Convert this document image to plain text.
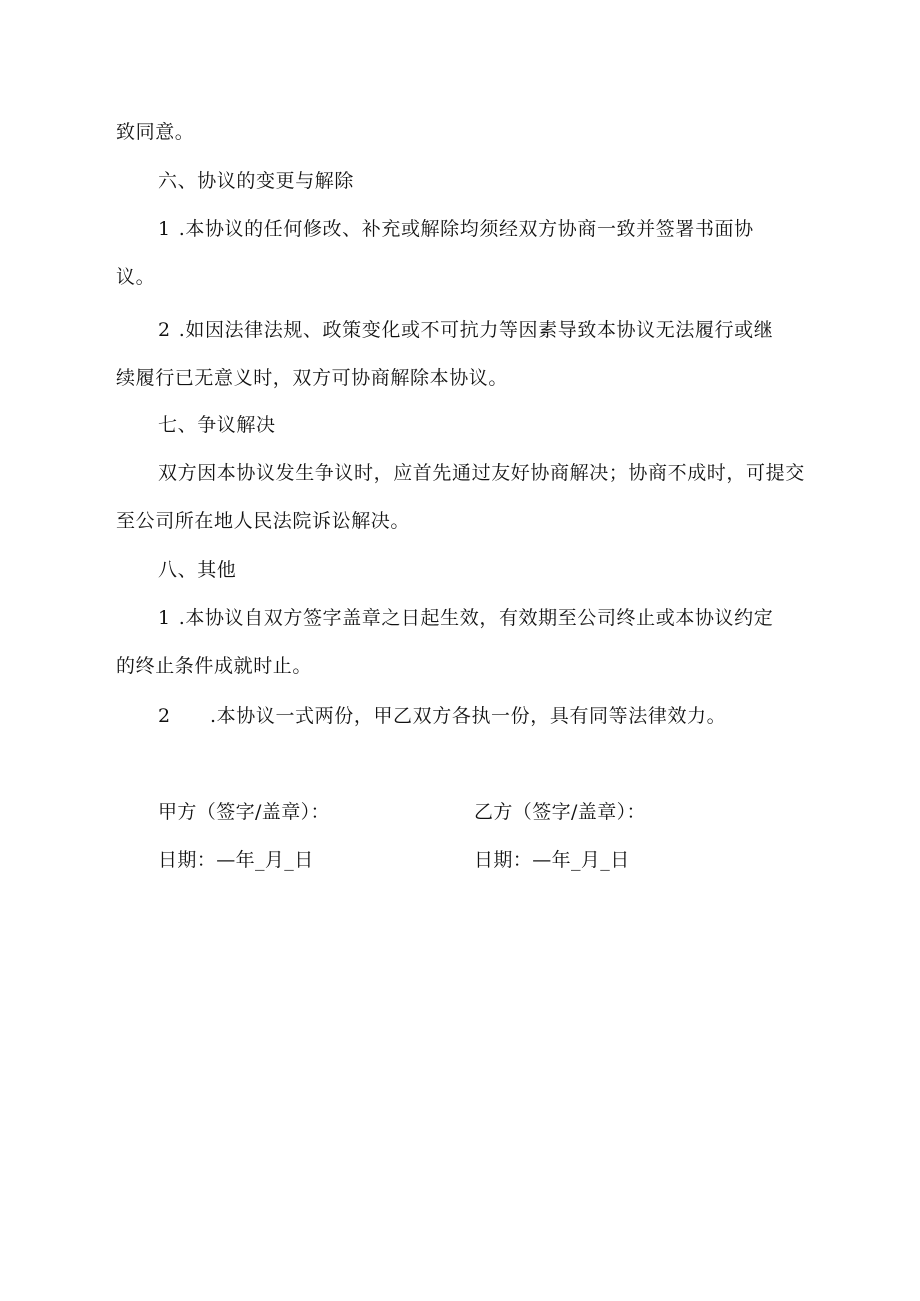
致同意。
六、协议的变更与解除
1 .本协议的任何修改、补充或解除均须经双方协商一致并签署书面协
议。
2 .如因法律法规、政策变化或不可抗力等因素导致本协议无法履行或继
续履行已无意义时，双方可协商解除本协议。
七、争议解决
双方因本协议发生争议时，应首先通过友好协商解决；协商不成时，可提交
至公司所在地人民法院诉讼解决。
八、其他
1 .本协议自双方签字盖章之日起生效，有效期至公司终止或本协议约定
的终止条件成就时止。
2 .本协议一式两份，甲乙双方各执一份，具有同等法律效力。
甲方（签字/盖章）：	乙方（签字/盖章）：
日期：—年_月_日	日期：—年_月_日
